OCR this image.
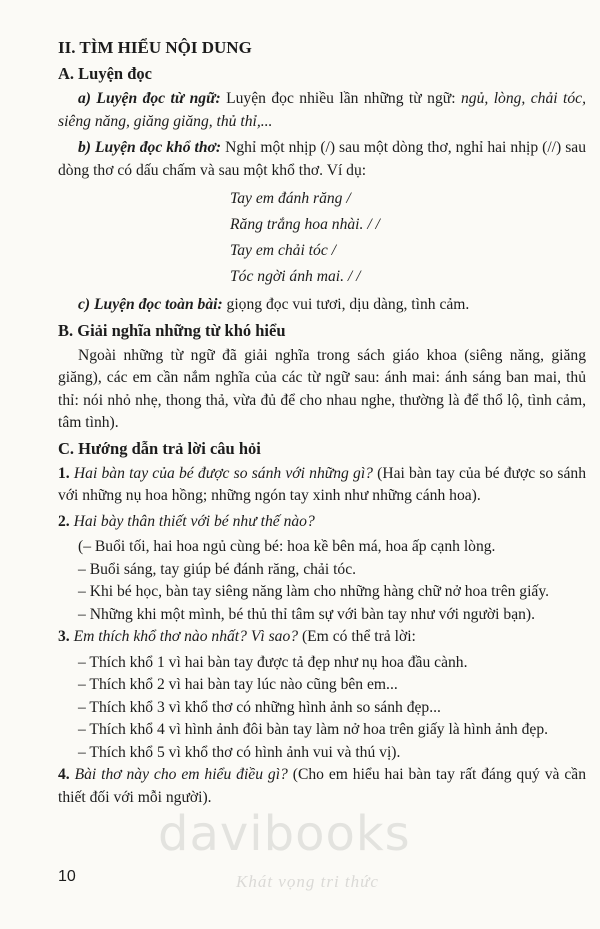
II. TÌM HIỂU NỘI DUNG
A. Luyện đọc

a) Luyện đọc từ ngữ: Luyện đọc nhiều lần những từ ngữ: ngủ, lòng, chải tóc, siêng năng, giăng giăng, thủ thỉ,...

b) Luyện đọc khổ thơ: Nghỉ một nhịp (/) sau một dòng thơ, nghỉ hai nhịp (//) sau dòng thơ có dấu chấm và sau một khổ thơ. Ví dụ:

Tay em đánh răng /
Răng trắng hoa nhài. / /
Tay em chải tóc /
Tóc ngời ánh mai. / /

c) Luyện đọc toàn bài: giọng đọc vui tươi, dịu dàng, tình cảm.

B. Giải nghĩa những từ khó hiểu

Ngoài những từ ngữ đã giải nghĩa trong sách giáo khoa (siêng năng, giăng giăng), các em cần nắm nghĩa của các từ ngữ sau: ánh mai: ánh sáng ban mai, thủ thỉ: nói nhỏ nhẹ, thong thả, vừa đủ để cho nhau nghe, thường là để thổ lộ, tình cảm, tâm tình).

C. Hướng dẫn trả lời câu hỏi

1. Hai bàn tay của bé được so sánh với những gì? (Hai bàn tay của bé được so sánh với những nụ hoa hồng; những ngón tay xinh như những cánh hoa).

2. Hai bày thân thiết với bé như thế nào?

(– Buổi tối, hai hoa ngủ cùng bé: hoa kề bên má, hoa ấp cạnh lòng.

– Buổi sáng, tay giúp bé đánh răng, chải tóc.

– Khi bé học, bàn tay siêng năng làm cho những hàng chữ nở hoa trên giấy.

– Những khi một mình, bé thủ thỉ tâm sự với bàn tay như với người bạn).

3. Em thích khổ thơ nào nhất? Vì sao? (Em có thể trả lời:

– Thích khổ 1 vì hai bàn tay được tả đẹp như nụ hoa đầu cành.

– Thích khổ 2 vì hai bàn tay lúc nào cũng bên em...

– Thích khổ 3 vì khổ thơ có những hình ảnh so sánh đẹp...

– Thích khổ 4 vì hình ảnh đôi bàn tay làm nở hoa trên giấy là hình ảnh đẹp.

– Thích khổ 5 vì khổ thơ có hình ảnh vui và thú vị).

4. Bài thơ này cho em hiểu điều gì? (Cho em hiểu hai bàn tay rất đáng quý và cần thiết đối với mỗi người).

davibooks
Khát vọng tri thức
10
